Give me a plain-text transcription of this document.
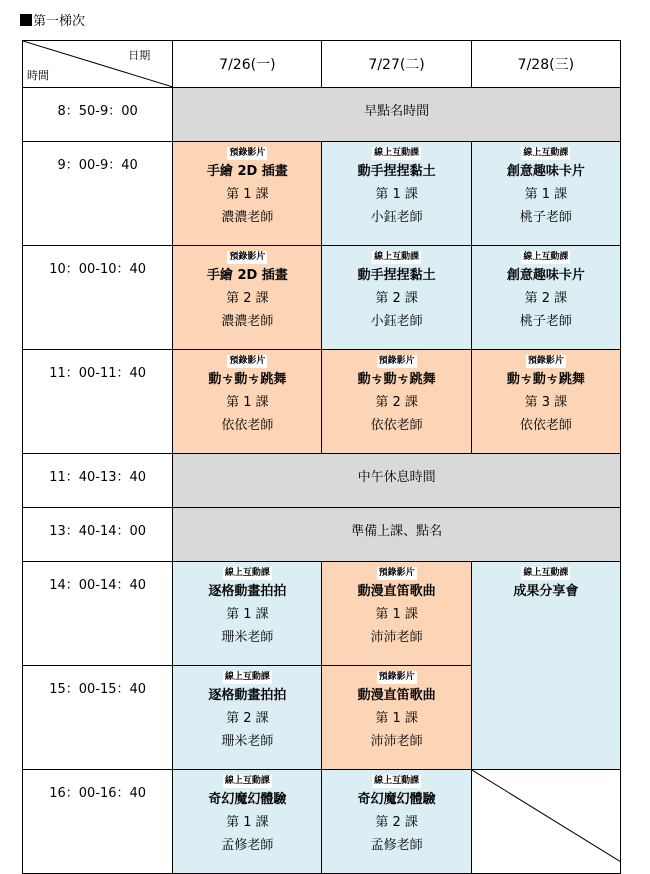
第一梯次
日期
時間	7/26(一)	7/27(二)	7/28(三)
8：50-9：00	早點名時間		
9：00-9：40	預錄影片
手繪 2D 插畫
第 1 課
濃濃老師	線上互動課
動手捏捏黏土
第 1 課
小鈺老師	線上互動課
創意趣味卡片
第 1 課
桃子老師

10：00-10：40	預錄影片
手繪 2D 插畫
第 2 課
濃濃老師	線上互動課
動手捏捏黏土
第 2 課
小鈺老師	線上互動課
創意趣味卡片
第 2 課
桃子老師

11：00-11：40	預錄影片
動ㄘ動ㄘ跳舞
第 1 課
依依老師	預錄影片
動ㄘ動ㄘ跳舞
第 2 課
依依老師	預錄影片
動ㄘ動ㄘ跳舞
第 3 課
依依老師

11：40-13：40	中午休息時間		
13：40-14：00	準備上課、點名		
14：00-14：40	線上互動課
逐格動畫拍拍
第 1 課
珊米老師	預錄影片
動漫直笛歌曲
第 1 課
沛沛老師	線上互動課
成果分享會

15：00-15：40	線上互動課
逐格動畫拍拍
第 2 課
珊米老師	預錄影片
動漫直笛歌曲
第 1 課
沛沛老師	

16：00-16：40	線上互動課
奇幻魔幻體驗
第 1 課
孟修老師	線上互動課
奇幻魔幻體驗
第 2 課
孟修老師
